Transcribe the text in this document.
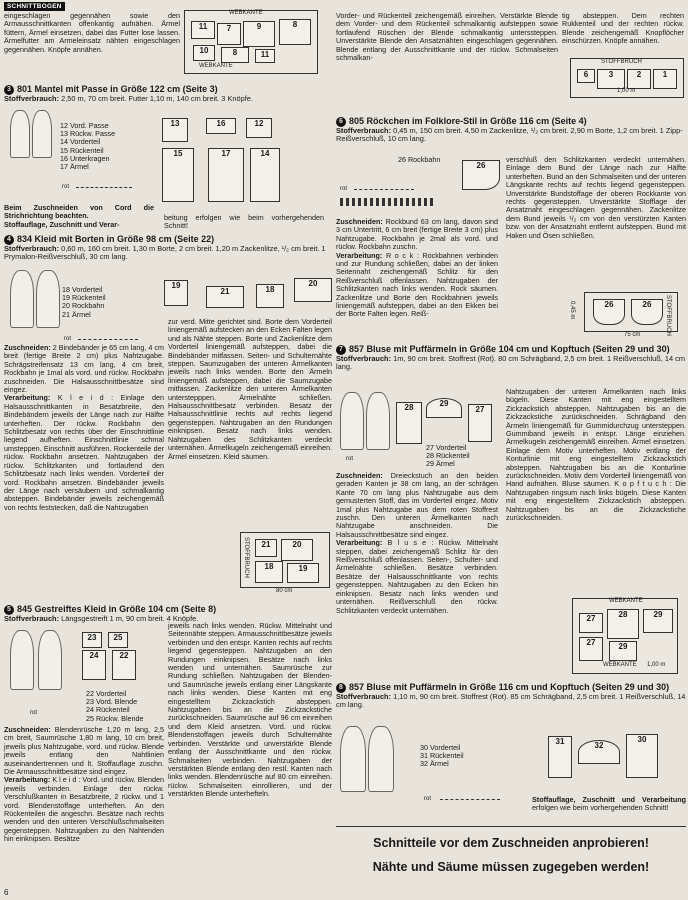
SCHNITTBOGEN

eingeschlagen gegennähen sowie den Armausschnittkanten offenkantig aufnähen. Ärmel füttern, Ärmel einsetzen, dabei das Futter lose lassen. Ärmelfutter am Armeleinsatz nähten eingeschlagen gegennähen. Knöpfe annähen.

WEBKANTE
WEBKANTE
11	7	9	8
10	8	11

Vorder- und Rückenteil zeichengemäß einreihen. Verstärkte Blende dem Vorder- und dem Rückenteil schmalkantig aufsteppen sowie fortlaufend Rüschen der Blende schmalkantig unterssteppen. Unverstärkte Blende den Ansatznähten eingeschlagen gegennähen. Blende entlang der Ausschnittkante und der rückw. Schmalseiten schmalkan-

tig absteppen. Dem rechten Rukkenteil und der rechten rückw. Blende zeichengemäß Knopflöcher einschürzen. Knöpfe annähen.

STOFFBRUCH
6	3	2	1
1,00 m

3 801 Mantel mit Passe in Größe 122 cm (Seite 3)

Stoffverbrauch: 2,50 m, 70 cm breit. Futter 1,10 m, 140 cm breit. 3 Knöpfe.

12 Vord. Passe
13 Rückw. Passe
14 Vorderteil
15 Rückenteil
16 Unterkragen
17 Ärmel
rot
13	16	12
15	17	14

Beim Zuschneiden von Cord die Strichrichtung beachten.

Stoffauflage, Zuschnitt und Verar-

beitung erfolgen wie beim vorhergehenden Schnitt!

4 834 Kleid mit Borten in Größe 98 cm (Seite 22)

Stoffverbrauch: 0,60 m, 160 cm breit. 1,30 m Borte, 2 cm breit. 1,20 m Zackenlitze, ¹/₂ cm breit. 1 Prymalon-Reißverschluß, 30 cm lang.

18 Vorderteil
19 Rückenteil
20 Rockbahn
21 Ärmel
rot
19
21	18
20

Zuschneiden: 2 Bindebänder je 65 cm lang, 4 cm breit (fertige Breite 2 cm) plus Nahtzugabe. Schrägstreifensatz 13 cm lang, 4 cm breit, Rockbahn je 1mal als vord. und rückw. Rockbahn zuschneiden. Die Halsausschnittbesätze sind eingez.

Verarbeitung: K l e i d : Einlage den Halsausschnittkanten in Besatzbreite, den Bindebändern jeweils der Länge nach zur Hälfte unterheften. Der rückw. Rockbahn den Schlitzbesatz von rechts über der Einschnittlinie liegend aufheften. Einschnittlinie schmal umsteppen. Einschnitt ausführen. Rockenteile der rückw. Rockbahn ansetzen. Nahtzugaben der rückw. Schlitzkanten und fortlaufend den Schlitzbesatz nach links wenden. Vorderteil der vord. Rockbahn ansetzen. Bindebänder jeweils der Länge nach versäubern und schmalkantig absteppen. Bindebänder jeweils zeichengemäß von rechts feststecken, daß die Nahtzugaben

zur verd. Mitte gerichtet sind. Borte dem Vorderteil liniengemäß aufstecken an den Ecken Falten legen und als Nähte steppen. Borte und Zackenlitze dem Vorderteil liniengemäß aufsteppen, dabei die Bindebänder mitfassen. Seiten- und Schulternähte steppen. Saumzugaben der unteren Ärmelkanten jeweils nach links wenden. Borte den Ärmeln liniengemäß aufsteppen, dabei die Saumzugabe mitfassen. Zackenlitze den unteren Ärmelkanten unterstepppen. Ärmelnähte schließen. Halsausschnittbesatz verbinden. Besatz der Halsausschnittlinie rechts auf rechts liegend gegensteppen. Nahtzugaben an den Rundungen einknipsen. Besatz nach links wenden. Nahtzugaben des Schlitzkanten verdeckt unternähen. Ärmelkugeln zeichengemäß einreihen. Ärmel einsetzen. Kleid säumen.

STOFFBRUCH	21	20
18	19
80 cm

5 845 Gestreiftes Kleid in Größe 104 cm (Seite 8)

Stoffverbrauch: Längsgestreift 1 m, 90 cm breit. 4 Knöpfe.

23	25
24	22
22 Vorderteil
23 Vord. Blende
24 Rückenteil
25 Rückw. Blende
rot

Zuschneiden: Blendenrüsche 1,20 m lang, 2,5 cm breit, Saumrüsche 1,80 m lang, 10 cm breit, jeweils plus Nahtzugabe, vord. und rückw. Blende jeweils entlang den Nahtlinien auseinandertrennen und lt. Stoffauflage zuschn. Die Armausschnittbesätze sind eingez.

Verarbeitung: K l e i d : Vord. und rückw. Blenden jeweils verbinden. Einlage den rückw. Verschlußkanten in Besatzbreite, 2 rückw. und 1 vord. Blendenstoffage unterheften. An den Rückenteilen die angeschn. Besätze nach rechts wenden und den unteren Verschlußschmalseiten gegensteppen. Nahtzugaben zu den Nahtenden hin einknipsen. Besätze

jeweils nach links wenden. Rückw. Mittelnaht und Seitennähte steppen. Armausschnittbesätze jeweils verbinden und den entspr. Kanten rechts auf rechts liegend gegensteppen. Nahtzugaben an den Rundungen einknipsen. Besätze nach links wenden und unternähen. Saumrüsche zur Rundung schließen. Nahtzugaben der Blenden- und Saumrüsche jeweils entlang einer Längskante nach links wenden. Diese Kanten mit eng eingestelltem Zickzackstich absteppen. Nahtzugaben bis an die Zickzackstiche zurückschneiden. Saumrüsche auf 96 cm einreihen und dem Kleid ansetzen. Vord. und rückw. Blendenstoffagen jeweils durch Schulternähte verbinden. Verstärkte und unverstärkte Blende entlang der Ausschnittkante und den rückw. Schmalseiten verbinden. Nahtzugaben der verstärkten Blende entlang den restl. Kanten nach links wenden. Blendenrüsche auf 80 cm einreihen. rückw. Schmalseiten einrollieren, und der verstärkten Blende unterhefteln.

6 805 Röckchen im Folklore-Stil in Größe 116 cm (Seite 4)

Stoffverbrauch: 0,45 m, 150 cm breit. 4,50 m Zackenlitze, ¹/₂ cm breit. 2,90 m Borte, 1,2 cm breit. 1 Zipp-Reißverschluß, 10 cm lang.

26 Rockbahn
26
rot

Zuschneiden: Rockbund 63 cm lang, davon sind 3 cm Untertritt, 6 cm breit (fertige Breite 3 cm) plus Nahtzugabe. Rockbahn je 2mal als vord. und rückw. Rockbahn zuschn.

Verarbeitung: R o c k : Rockbahnen verbinden und zur Rundung schließen, dabei an der linken Seitennaht zeichengemäß Schlitz für den Reißverschluß offenlassen. Nahtzugaben der Schlitzkanten nach links wenden. Rock säumen. Zackenlitze und Borte den Rockbahnen jeweils liniengemäß aufsteppen, dabei an den Ekken bei der Borte Falten legen. Reiß-

verschluß den Schlitzkanten verdeckt unternähen. Einlage dem Bund der Länge nach zur Hälfte unterheften. Bund an den Schmalseiten und der unteren Längskante rechts auf rechts liegend gegensteppen. Unverstärkte Bundstoffage der oberen Rockkante von rechts gegensteppen. Unverstärkte Stofflage der Ansatznaht eingeschlagen gegennähen. Zackenlitze dem Bund jeweils ¹/₂ cm von den verstürzten Kanten bzw. von der Ansatznaht entfernt aufsteppen. Bund mit Haken und Ösen schließen.

0,45 m	26	26	STOFFBRUCH
75 cm

7 857 Bluse mit Puffärmeln in Größe 104 cm und Kopftuch (Seiten 29 und 30)

Stoffverbrauch: 1m, 90 cm breit. Stoffrest (Rot). 80 cm Schrägband, 2,5 cm breit. 1 Reißverschluß, 14 cm lang.

28	29
27
27 Vorderteil
28 Rückenteil
29 Ärmel
rot

Zuschneiden: Dreieckstuch an den beiden geraden Kanten je 38 cm lang, an der schrägen Kante 70 cm lang plus Nahtzugabe aus dem gemusterten Stoff, das im Vorderteil eingez. Motiv 1mal plus Nahtzugabe aus dem roten Stoffrest zuschn. Den unteren Ärmelkanten nach Nahtzugabe anschneiden. Die Halsausschnittbesätze sind eingez.

Verarbeitung: B l u s e : Rückw. Mittelnaht steppen, dabei zeichengemäß Schlitz für den Reißverschluß offenlassen. Seiten-, Schulter- und Ärmelnähte schließen. Besätze verbinden. Besätze der Halsausschnittkante von rechts gegensteppen. Nahtzugaben zu den Ecken hin einknipsen. Besatz nach links wenden und unternähen. Reißverschluß den rückw. Schlitzkanten verdeckt unternähen.

Nahtzugaben der unteren Ärmelkanten nach links bügeln. Diese Kanten mit eng eingestelltem Zickzackstich absteppen. Nahtzugaben bis an die Zickzackstiche zurückschneiden. Schrägband den Ärmeln liniengemäß für Gummidurchzug untersteppen. Gummiband jeweils in entspr. Länge einziehen. Ärmelkugeln zeichengemäß einreihen. Ärmel einsetzen. Einlage dem Motiv unterheften. Motiv entlang der Konturlinie mit eng eingestelltem Zickzackstich absteppen. Nahtzugaben bis an die Konturlinie zurückschneiden. Motiv dem Vorderteil liniengemäß von Hand aufnähen. Bluse säumen. K o p f t u c h : Die Nahtzugaben ringsum nach links bügeln. Diese Kanten mit eng eingestelltem Zickzackstich absteppen. Nahtzugaben bis an die Zickzackstiche zurückschneiden.

WEBKANTE
27	28	29
27	29
WEBKANTE 1,00 m

8 857 Bluse mit Puffärmeln in Größe 116 cm und Kopftuch (Seiten 29 und 30)

Stoffverbrauch: 1,10 m, 90 cm breit. Stoffrest (Rot). 85 cm Schrägband, 2,5 cm breit. 1 Reißverschluß, 14 cm lang.

30 Vorderteil
31 Rückenteil
32 Ärmel
rot
31	32
30

Stoffauflage, Zuschnitt und Verarbeitung erfolgen wie beim vorhergehenden Schnitt!

Schnitteile vor dem Zuschneiden anprobieren!
Nähte und Säume müssen zugegeben werden!
6
